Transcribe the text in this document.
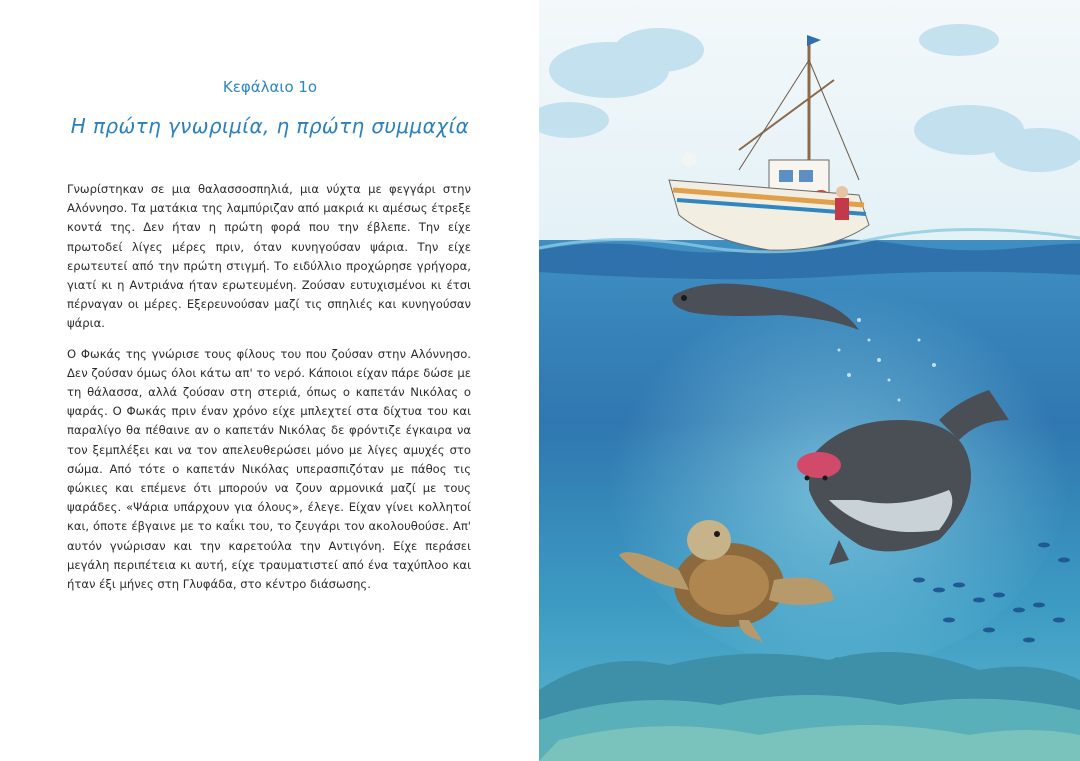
Κεφάλαιο 1ο
Η πρώτη γνωριμία, η πρώτη συμμαχία

Γνωρίστηκαν σε μια θαλασσοσπηλιά, μια νύχτα με φεγγάρι στην Αλόννησο. Τα ματάκια της λαμπύριζαν από μακριά κι αμέσως έτρεξε κοντά της. Δεν ήταν η πρώτη φορά που την έβλεπε. Την είχε πρωτοδεί λίγες μέρες πριν, όταν κυνηγούσαν ψάρια. Την είχε ερωτευτεί από την πρώτη στιγμή. Το ειδύλλιο προχώρησε γρήγορα, γιατί κι η Αντριάνα ήταν ερωτευμένη. Ζούσαν ευτυχισμένοι κι έτσι πέρναγαν οι μέρες. Εξερευνούσαν μαζί τις σπηλιές και κυνηγούσαν ψάρια.

Ο Φωκάς της γνώρισε τους φίλους του που ζούσαν στην Αλόννησο. Δεν ζούσαν όμως όλοι κάτω απ' το νερό. Κάποιοι είχαν πάρε δώσε με τη θάλασσα, αλλά ζούσαν στη στεριά, όπως ο καπετάν Νικόλας ο ψαράς. Ο Φωκάς πριν έναν χρόνο είχε μπλεχτεί στα δίχτυα του και παραλίγο θα πέθαινε αν ο καπετάν Νικόλας δε φρόντιζε έγκαιρα να τον ξεμπλέξει και να τον απελευθερώσει μόνο με λίγες αμυχές στο σώμα. Από τότε ο καπετάν Νικόλας υπερασπιζόταν με πάθος τις φώκιες και επέμενε ότι μπορούν να ζουν αρμονικά μαζί με τους ψαράδες. «Ψάρια υπάρχουν για όλους», έλεγε. Είχαν γίνει κολλητοί και, όποτε έβγαινε με το καΐκι του, το ζευγάρι τον ακολουθούσε. Απ' αυτόν γνώρισαν και την καρετούλα την Αντιγόνη. Είχε περάσει μεγάλη περιπέτεια κι αυτή, είχε τραυματιστεί από ένα ταχύπλοο και ήταν έξι μήνες στη Γλυφάδα, στο κέντρο διάσωσης.
